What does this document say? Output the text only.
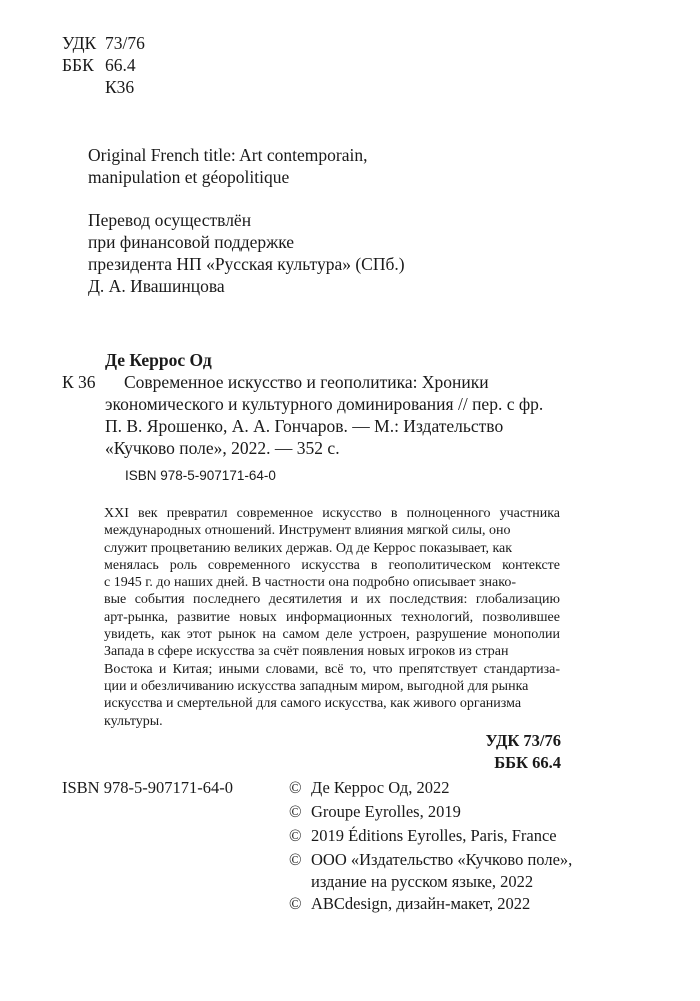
УДК 73/76
ББК 66.4
К36
Original French title: Art contemporain,
manipulation et géopolitique
Перевод осуществлён
при финансовой поддержке
президента НП «Русская культура» (СПб.)
Д. А. Ивашинцова
Де Керрос Од
К 36	Современное искусство и геополитика: Хроники
экономического и культурного доминирования // пер. с фр.
П. В. Ярошенко, А. А. Гончаров. — М.: Издательство
«Кучково поле», 2022. — 352 с.
ISBN 978-5-907171-64-0
XXI век превратил современное искусство в полноценного участника
международных отношений. Инструмент влияния мягкой силы, оно
служит процветанию великих держав. Од де Керрос показывает, как
менялась роль современного искусства в геополитическом контексте
с 1945 г. до наших дней. В частности она подробно описывает знако-
вые события последнего десятилетия и их последствия: глобализацию
арт-рынка, развитие новых информационных технологий, позволившее
увидеть, как этот рынок на самом деле устроен, разрушение монополии
Запада в сфере искусства за счёт появления новых игроков из стран
Востока и Китая; иными словами, всё то, что препятствует стандартиза-
ции и обезличиванию искусства западным миром, выгодной для рынка
искусства и смертельной для самого искусства, как живого организма
культуры.
УДК 73/76
ББК 66.4
ISBN 978-5-907171-64-0	© Де Керрос Од, 2022
© Groupe Eyrolles, 2019
© 2019 Éditions Eyrolles, Paris, France
© ООО «Издательство «Кучково поле»,
издание на русском языке, 2022
© ABCdesign, дизайн-макет, 2022
